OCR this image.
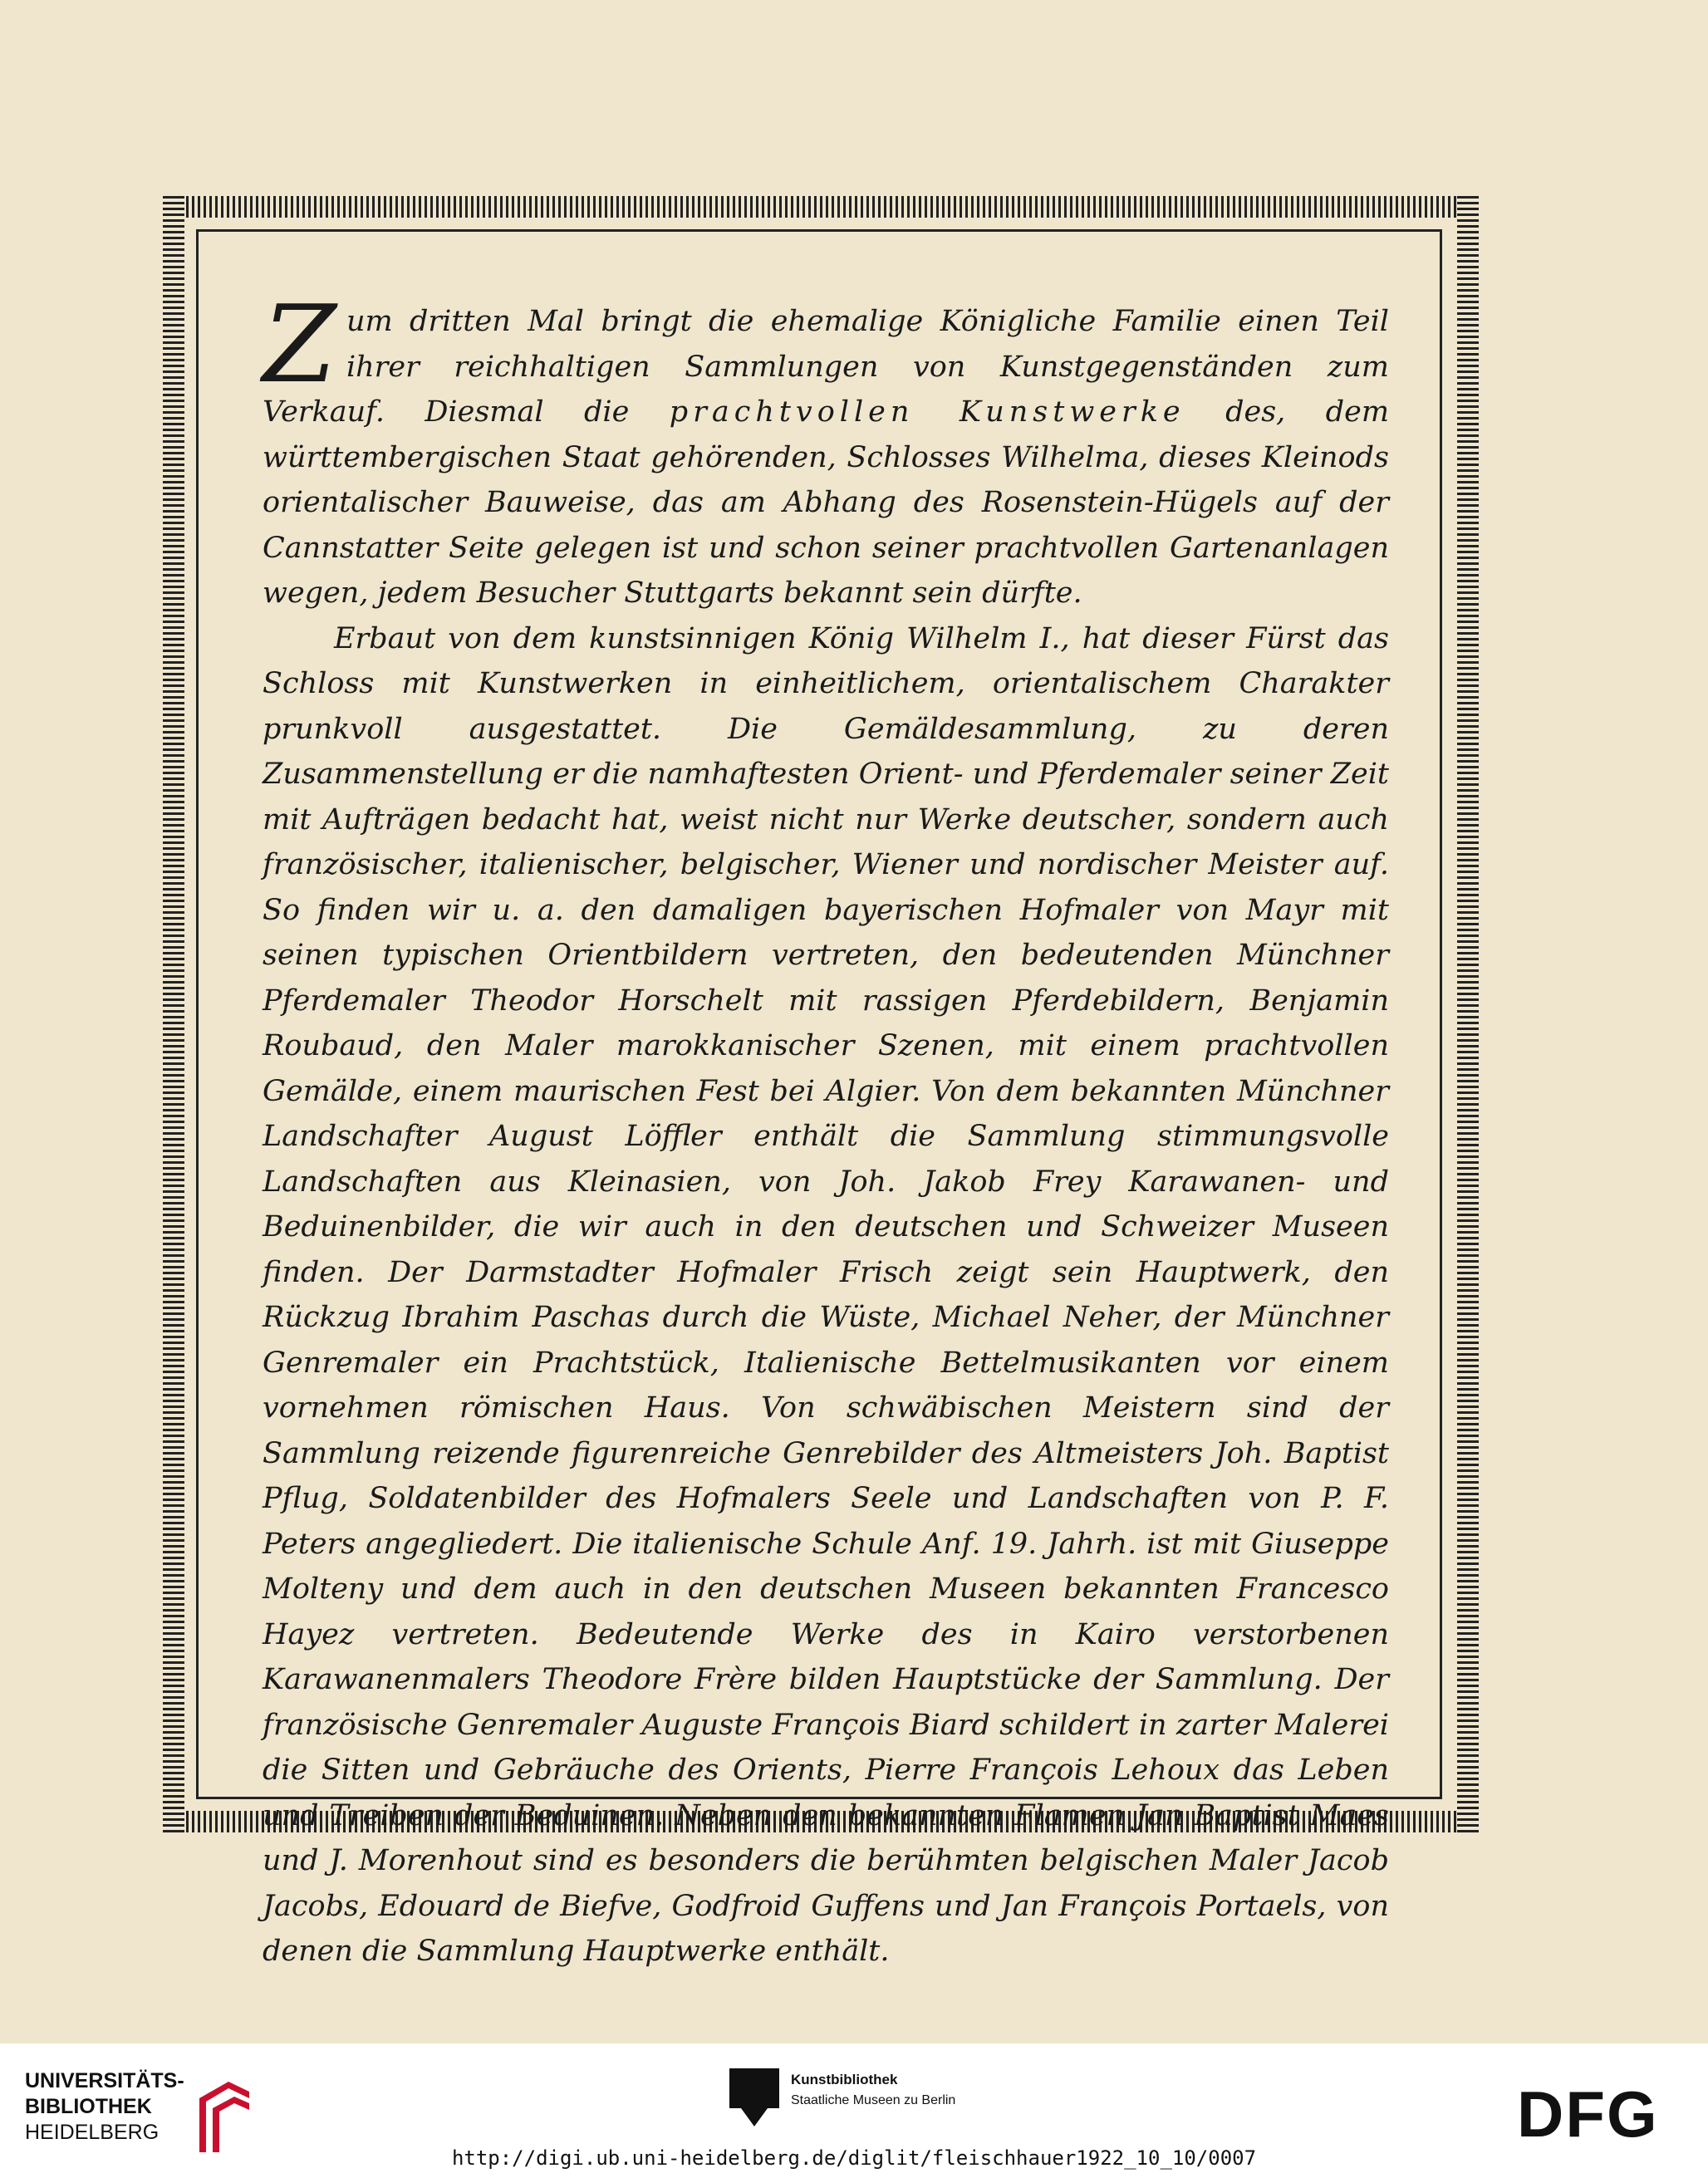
Zum dritten Mal bringt die ehemalige Königliche Familie einen Teil ihrer reichhaltigen Sammlungen von Kunstgegenständen zum Verkauf. Diesmal die prachtvollen Kunstwerke des, dem württembergischen Staat gehörenden, Schlosses Wilhelma, dieses Kleinods orientalischer Bauweise, das am Abhang des Rosenstein-Hügels auf der Cannstatter Seite gelegen ist und schon seiner prachtvollen Gartenanlagen wegen, jedem Besucher Stuttgarts bekannt sein dürfte.

Erbaut von dem kunstsinnigen König Wilhelm I., hat dieser Fürst das Schloss mit Kunstwerken in einheitlichem, orientalischem Charakter prunkvoll ausgestattet. Die Gemäldesammlung, zu deren Zusammenstellung er die namhaftesten Orient- und Pferdemaler seiner Zeit mit Aufträgen bedacht hat, weist nicht nur Werke deutscher, sondern auch französischer, italienischer, belgischer, Wiener und nordischer Meister auf. So finden wir u. a. den damaligen bayerischen Hofmaler von Mayr mit seinen typischen Orientbildern vertreten, den bedeutenden Münchner Pferdemaler Theodor Horschelt mit rassigen Pferdebildern, Benjamin Roubaud, den Maler marokkanischer Szenen, mit einem prachtvollen Gemälde, einem maurischen Fest bei Algier. Von dem bekannten Münchner Landschafter August Löffler enthält die Sammlung stimmungsvolle Landschaften aus Kleinasien, von Joh. Jakob Frey Karawanen- und Beduinenbilder, die wir auch in den deutschen und Schweizer Museen finden. Der Darmstadter Hofmaler Frisch zeigt sein Hauptwerk, den Rückzug Ibrahim Paschas durch die Wüste, Michael Neher, der Münchner Genremaler ein Prachtstück, Italienische Bettelmusikanten vor einem vornehmen römischen Haus. Von schwäbischen Meistern sind der Sammlung reizende figurenreiche Genrebilder des Altmeisters Joh. Baptist Pflug, Soldatenbilder des Hofmalers Seele und Landschaften von P. F. Peters angegliedert. Die italienische Schule Anf. 19. Jahrh. ist mit Giuseppe Molteny und dem auch in den deutschen Museen bekannten Francesco Hayez vertreten. Bedeutende Werke des in Kairo verstorbenen Karawanenmalers Theodore Frère bilden Hauptstücke der Sammlung. Der französische Genremaler Auguste François Biard schildert in zarter Malerei die Sitten und Gebräuche des Orients, Pierre François Lehoux das Leben und Treiben der Beduinen. Neben den bekannten Flamen Jan Baptist Maes und J. Morenhout sind es besonders die berühmten belgischen Maler Jacob Jacobs, Edouard de Biefve, Godfroid Guffens und Jan François Portaels, von denen die Sammlung Hauptwerke enthält.

UNIVERSITÄTS-
BIBLIOTHEK
HEIDELBERG
Kunstbibliothek
Staatliche Museen zu Berlin	DFG
http://digi.ub.uni-heidelberg.de/diglit/fleischhauer1922_10_10/0007
